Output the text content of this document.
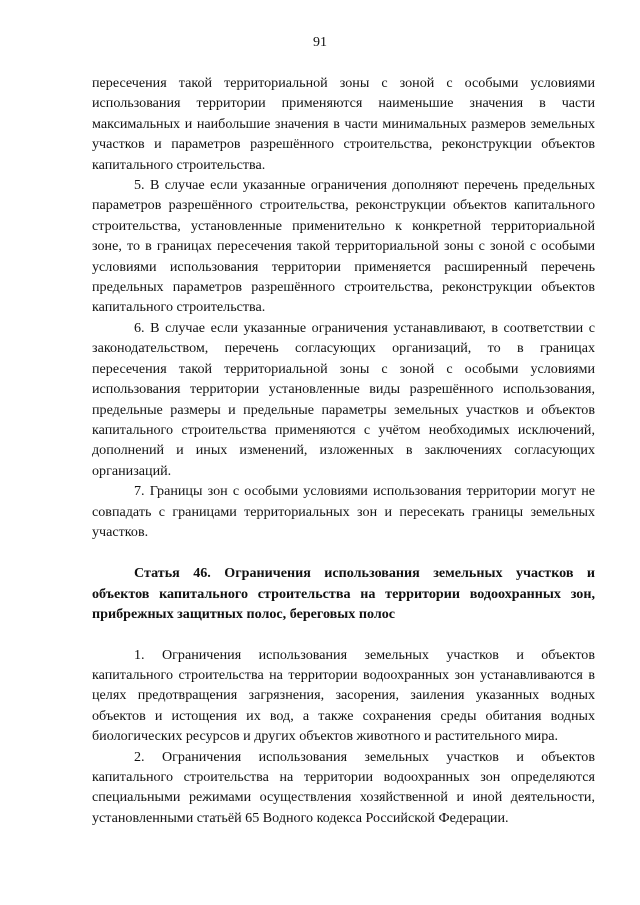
91

пересечения такой территориальной зоны с зоной с особыми условиями использования территории применяются наименьшие значения в части максимальных и наибольшие значения в части минимальных размеров земельных участков и параметров разрешённого строительства, реконструкции объектов капитального строительства.

5. В случае если указанные ограничения дополняют перечень предельных параметров разрешённого строительства, реконструкции объектов капитального строительства, установленные применительно к конкретной территориальной зоне, то в границах пересечения такой территориальной зоны с зоной с особыми условиями использования территории применяется расширенный перечень предельных параметров разрешённого строительства, реконструкции объектов капитального строительства.

6. В случае если указанные ограничения устанавливают, в соответствии с законодательством, перечень согласующих организаций, то в границах пересечения такой территориальной зоны с зоной с особыми условиями использования территории установленные виды разрешённого использования, предельные размеры и предельные параметры земельных участков и объектов капитального строительства применяются с учётом необходимых исключений, дополнений и иных изменений, изложенных в заключениях согласующих организаций.

7. Границы зон с особыми условиями использования территории могут не совпадать с границами территориальных зон и пересекать границы земельных участков.

Статья 46. Ограничения использования земельных участков и объектов капитального строительства на территории водоохранных зон, прибрежных защитных полос, береговых полос

1. Ограничения использования земельных участков и объектов капитального строительства на территории водоохранных зон устанавливаются в целях предотвращения загрязнения, засорения, заиления указанных водных объектов и истощения их вод, а также сохранения среды обитания водных биологических ресурсов и других объектов животного и растительного мира.

2. Ограничения использования земельных участков и объектов капитального строительства на территории водоохранных зон определяются специальными режимами осуществления хозяйственной и иной деятельности, установленными статьёй 65 Водного кодекса Российской Федерации.
